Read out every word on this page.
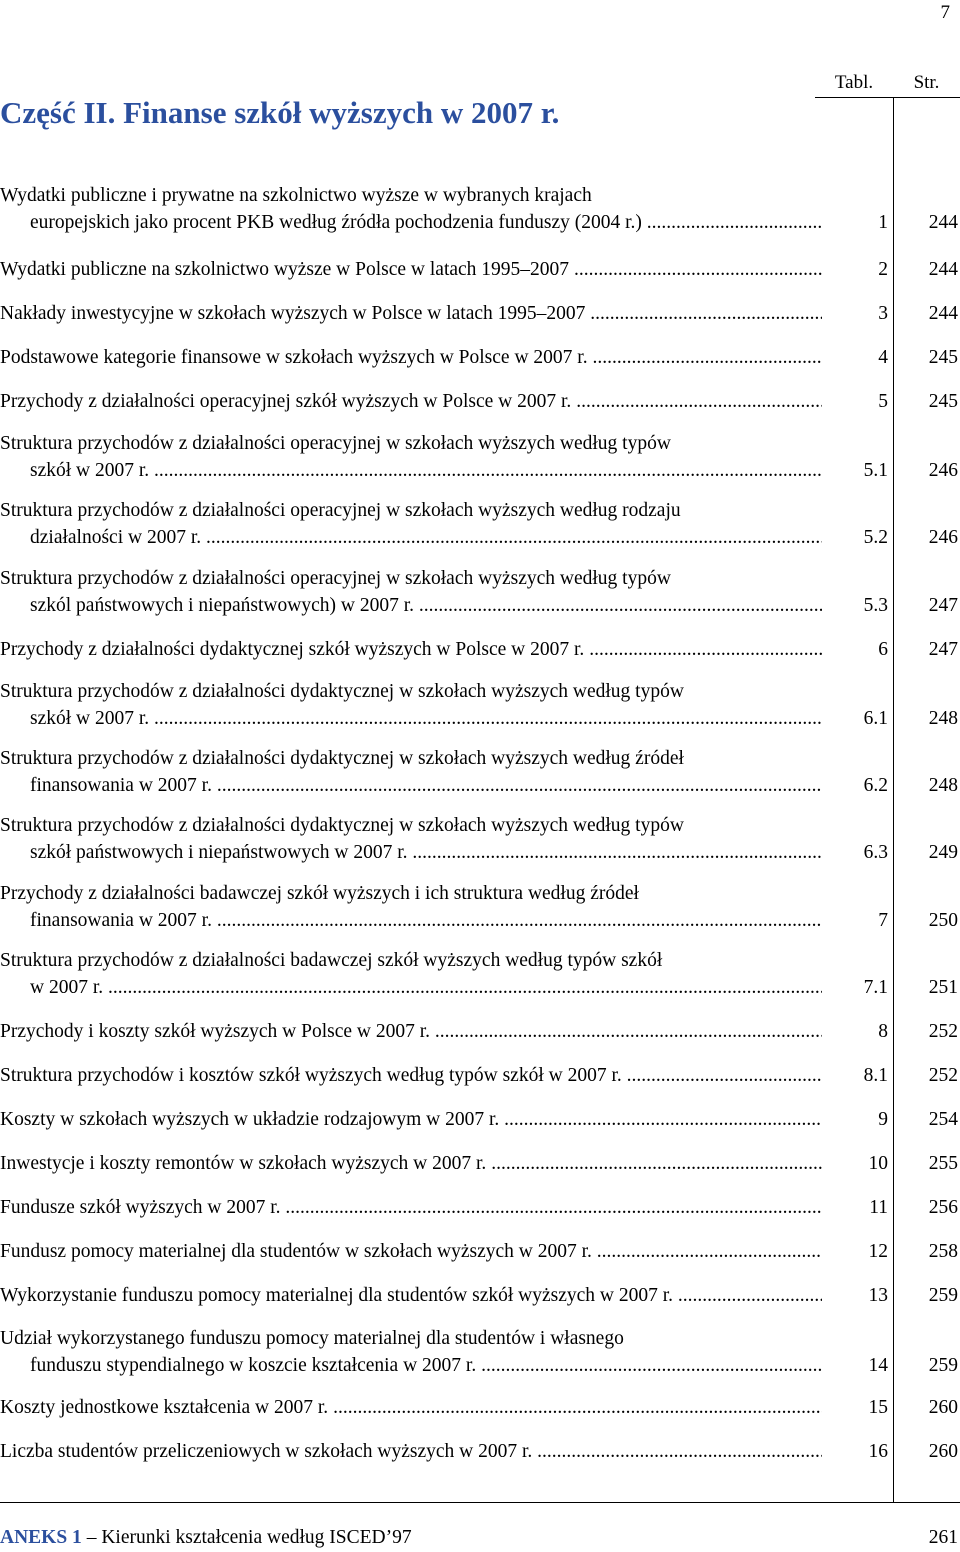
7
Tabl.	Str.
Część II. Finanse szkół wyższych w 2007 r.
Wydatki publiczne i prywatne na szkolnictwo wyższe w wybranych krajach
europejskich jako procent PKB według źródła pochodzenia funduszy (2004 r.) .....	1 244
Wydatki publiczne na szkolnictwo wyższe w Polsce w latach 1995–2007 .....	2 244
Nakłady inwestycyjne w szkołach wyższych w Polsce w latach 1995–2007 .....	3 244
Podstawowe kategorie finansowe w szkołach wyższych w Polsce w 2007 r. .....	4 245
Przychody z działalności operacyjnej szkół wyższych w Polsce w 2007 r. .....	5 245
Struktura przychodów z działalności operacyjnej w szkołach wyższych według typów
szkół w 2007 r. .....	5.1 246
Struktura przychodów z działalności operacyjnej w szkołach wyższych według rodzaju
działalności w 2007 r. .....	5.2 246
Struktura przychodów z działalności operacyjnej w szkołach wyższych według typów
szkól państwowych i niepaństwowych) w 2007 r. .....	5.3 247
Przychody z działalności dydaktycznej szkół wyższych w Polsce w 2007 r. .....	6 247
Struktura przychodów z działalności dydaktycznej w szkołach wyższych według typów
szkół w 2007 r. .....	6.1 248
Struktura przychodów z działalności dydaktycznej w szkołach wyższych według źródeł
finansowania w 2007 r. .....	6.2 248
Struktura przychodów z działalności dydaktycznej w szkołach wyższych według typów
szkół państwowych i niepaństwowych w 2007 r. .....	6.3 249
Przychody z działalności badawczej szkół wyższych i ich struktura według źródeł
finansowania w 2007 r. .....	7 250
Struktura przychodów z działalności badawczej szkół wyższych według typów szkół
w 2007 r. .....	7.1 251
Przychody i koszty szkół wyższych w Polsce w 2007 r. .....	8 252
Struktura przychodów i kosztów szkół wyższych według typów szkół w 2007 r. .....	8.1 252
Koszty w szkołach wyższych w układzie rodzajowym w 2007 r. .....	9 254
Inwestycje i koszty remontów w szkołach wyższych w 2007 r. .....	10 255
Fundusze szkół wyższych w 2007 r. .....	11 256
Fundusz pomocy materialnej dla studentów w szkołach wyższych w 2007 r. .....	12 258
Wykorzystanie funduszu pomocy materialnej dla studentów szkół wyższych w 2007 r. .....	13 259
Udział wykorzystanego funduszu pomocy materialnej dla studentów i własnego
funduszu stypendialnego w koszcie kształcenia w 2007 r. .....	14 259
Koszty jednostkowe kształcenia w 2007 r. .....	15 260
Liczba studentów przeliczeniowych w szkołach wyższych w 2007 r. .....	16 260
ANEKS 1 – Kierunki kształcenia według ISCED’97	261
